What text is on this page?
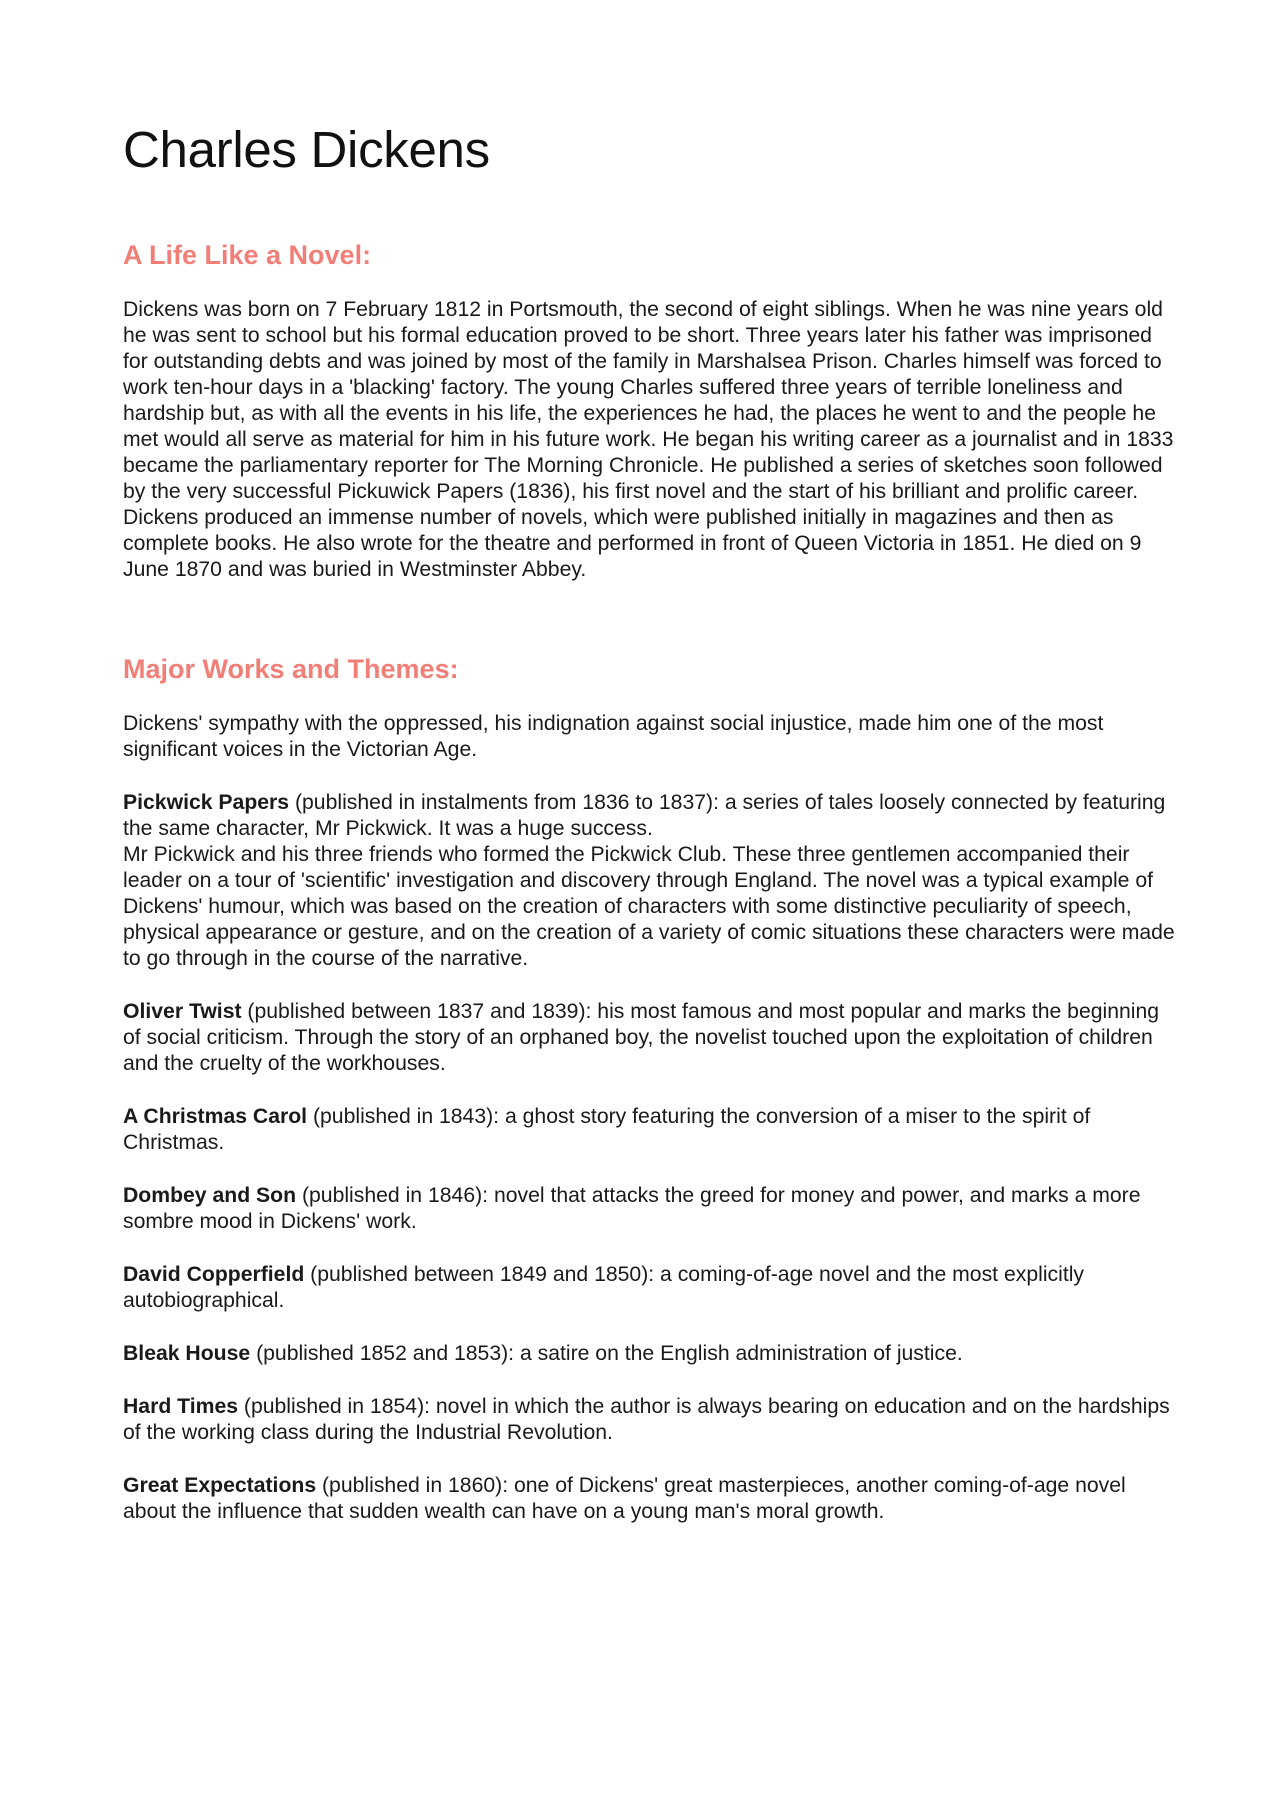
Charles Dickens
A Life Like a Novel:

Dickens was born on 7 February 1812 in Portsmouth, the second of eight siblings. When he was nine years old he was sent to school but his formal education proved to be short. Three years later his father was imprisoned for outstanding debts and was joined by most of the family in Marshalsea Prison. Charles himself was forced to work ten-hour days in a 'blacking' factory. The young Charles suffered three years of terrible loneliness and hardship but, as with all the events in his life, the experiences he had, the places he went to and the people he met would all serve as material for him in his future work. He began his writing career as a journalist and in 1833 became the parliamentary reporter for The Morning Chronicle. He published a series of sketches soon followed by the very successful Pickuwick Papers (1836), his first novel and the start of his brilliant and prolific career. Dickens produced an immense number of novels, which were published initially in magazines and then as complete books. He also wrote for the theatre and performed in front of Queen Victoria in 1851. He died on 9 June 1870 and was buried in Westminster Abbey.

Major Works and Themes:

Dickens' sympathy with the oppressed, his indignation against social injustice, made him one of the most significant voices in the Victorian Age.

Pickwick Papers (published in instalments from 1836 to 1837): a series of tales loosely connected by featuring the same character, Mr Pickwick. It was a huge success.
Mr Pickwick and his three friends who formed the Pickwick Club. These three gentlemen accompanied their leader on a tour of 'scientific' investigation and discovery through England. The novel was a typical example of Dickens' humour, which was based on the creation of characters with some distinctive peculiarity of speech, physical appearance or gesture, and on the creation of a variety of comic situations these characters were made to go through in the course of the narrative.

Oliver Twist (published between 1837 and 1839): his most famous and most popular and marks the beginning of social criticism. Through the story of an orphaned boy, the novelist touched upon the exploitation of children and the cruelty of the workhouses.

A Christmas Carol (published in 1843): a ghost story featuring the conversion of a miser to the spirit of Christmas.

Dombey and Son (published in 1846): novel that attacks the greed for money and power, and marks a more sombre mood in Dickens' work.

David Copperfield (published between 1849 and 1850): a coming-of-age novel and the most explicitly autobiographical.

Bleak House (published 1852 and 1853): a satire on the English administration of justice.

Hard Times (published in 1854): novel in which the author is always bearing on education and on the hardships of the working class during the Industrial Revolution.

Great Expectations (published in 1860): one of Dickens' great masterpieces, another coming-of-age novel about the influence that sudden wealth can have on a young man's moral growth.
